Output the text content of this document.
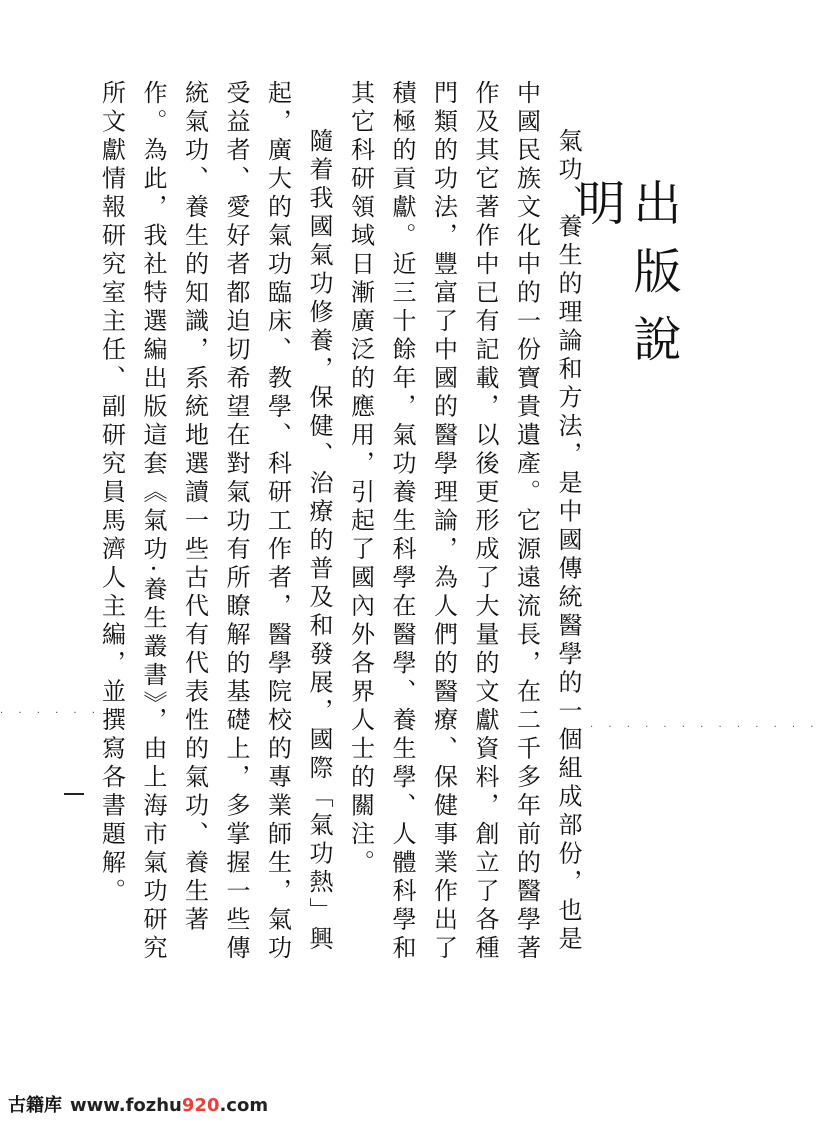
出版說明

氣功、養生的理論和方法，是中國傳統醫學的一個組成部份，也是中國民族文化中的一份寶貴遺產。它源遠流長，在二千多年前的醫學著作及其它著作中已有記載，以後更形成了大量的文獻資料，創立了各種門類的功法，豐富了中國的醫學理論，為人們的醫療、保健事業作出了積極的貢獻。近三十餘年，氣功養生科學在醫學、養生學、人體科學和其它科研領域日漸廣泛的應用，引起了國內外各界人士的關注。

隨着我國氣功修養，保健、治療的普及和發展，國際「氣功熱」興起，廣大的氣功臨床、教學、科研工作者，醫學院校的專業師生，氣功受益者、愛好者都迫切希望在對氣功有所瞭解的基礎上，多掌握一些傳統氣功、養生的知識，系統地選讀一些古代有代表性的氣功、養生著作。為此，我社特選編出版這套《氣功·養生叢書》，由上海市氣功研究所文獻情報研究室主任、副研究員馬濟人主編，並撰寫各書題解。

· · · · · · ·
· · · · · · · · · · · · ·
古籍库 www.fozhu920.com
